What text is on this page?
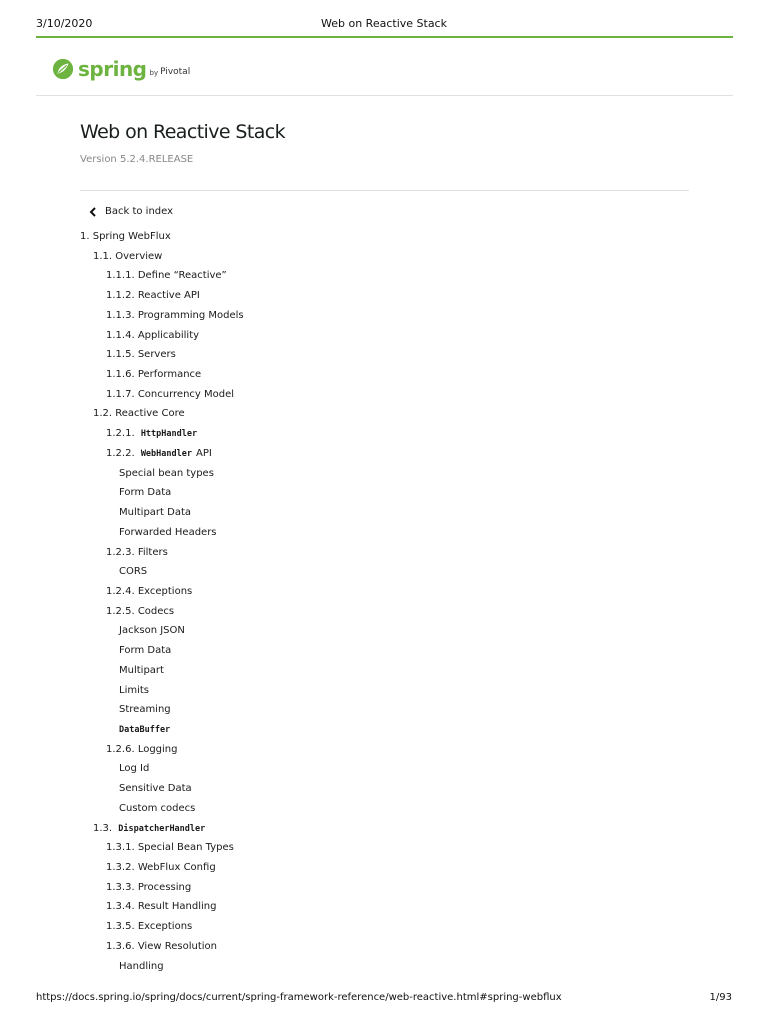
3/10/2020	Web on Reactive Stack
spring by Pivotal
Web on Reactive Stack
Version 5.2.4.RELEASE
Back to index
1. Spring WebFlux
1.1. Overview
1.1.1. Define “Reactive”
1.1.2. Reactive API
1.1.3. Programming Models
1.1.4. Applicability
1.1.5. Servers
1.1.6. Performance
1.1.7. Concurrency Model
1.2. Reactive Core
1.2.1. HttpHandler
1.2.2. WebHandler API
Special bean types
Form Data
Multipart Data
Forwarded Headers
1.2.3. Filters
CORS
1.2.4. Exceptions
1.2.5. Codecs
Jackson JSON
Form Data
Multipart
Limits
Streaming
DataBuffer
1.2.6. Logging
Log Id
Sensitive Data
Custom codecs
1.3. DispatcherHandler
1.3.1. Special Bean Types
1.3.2. WebFlux Config
1.3.3. Processing
1.3.4. Result Handling
1.3.5. Exceptions
1.3.6. View Resolution
Handling
https://docs.spring.io/spring/docs/current/spring-framework-reference/web-reactive.html#spring-webflux	1/93
